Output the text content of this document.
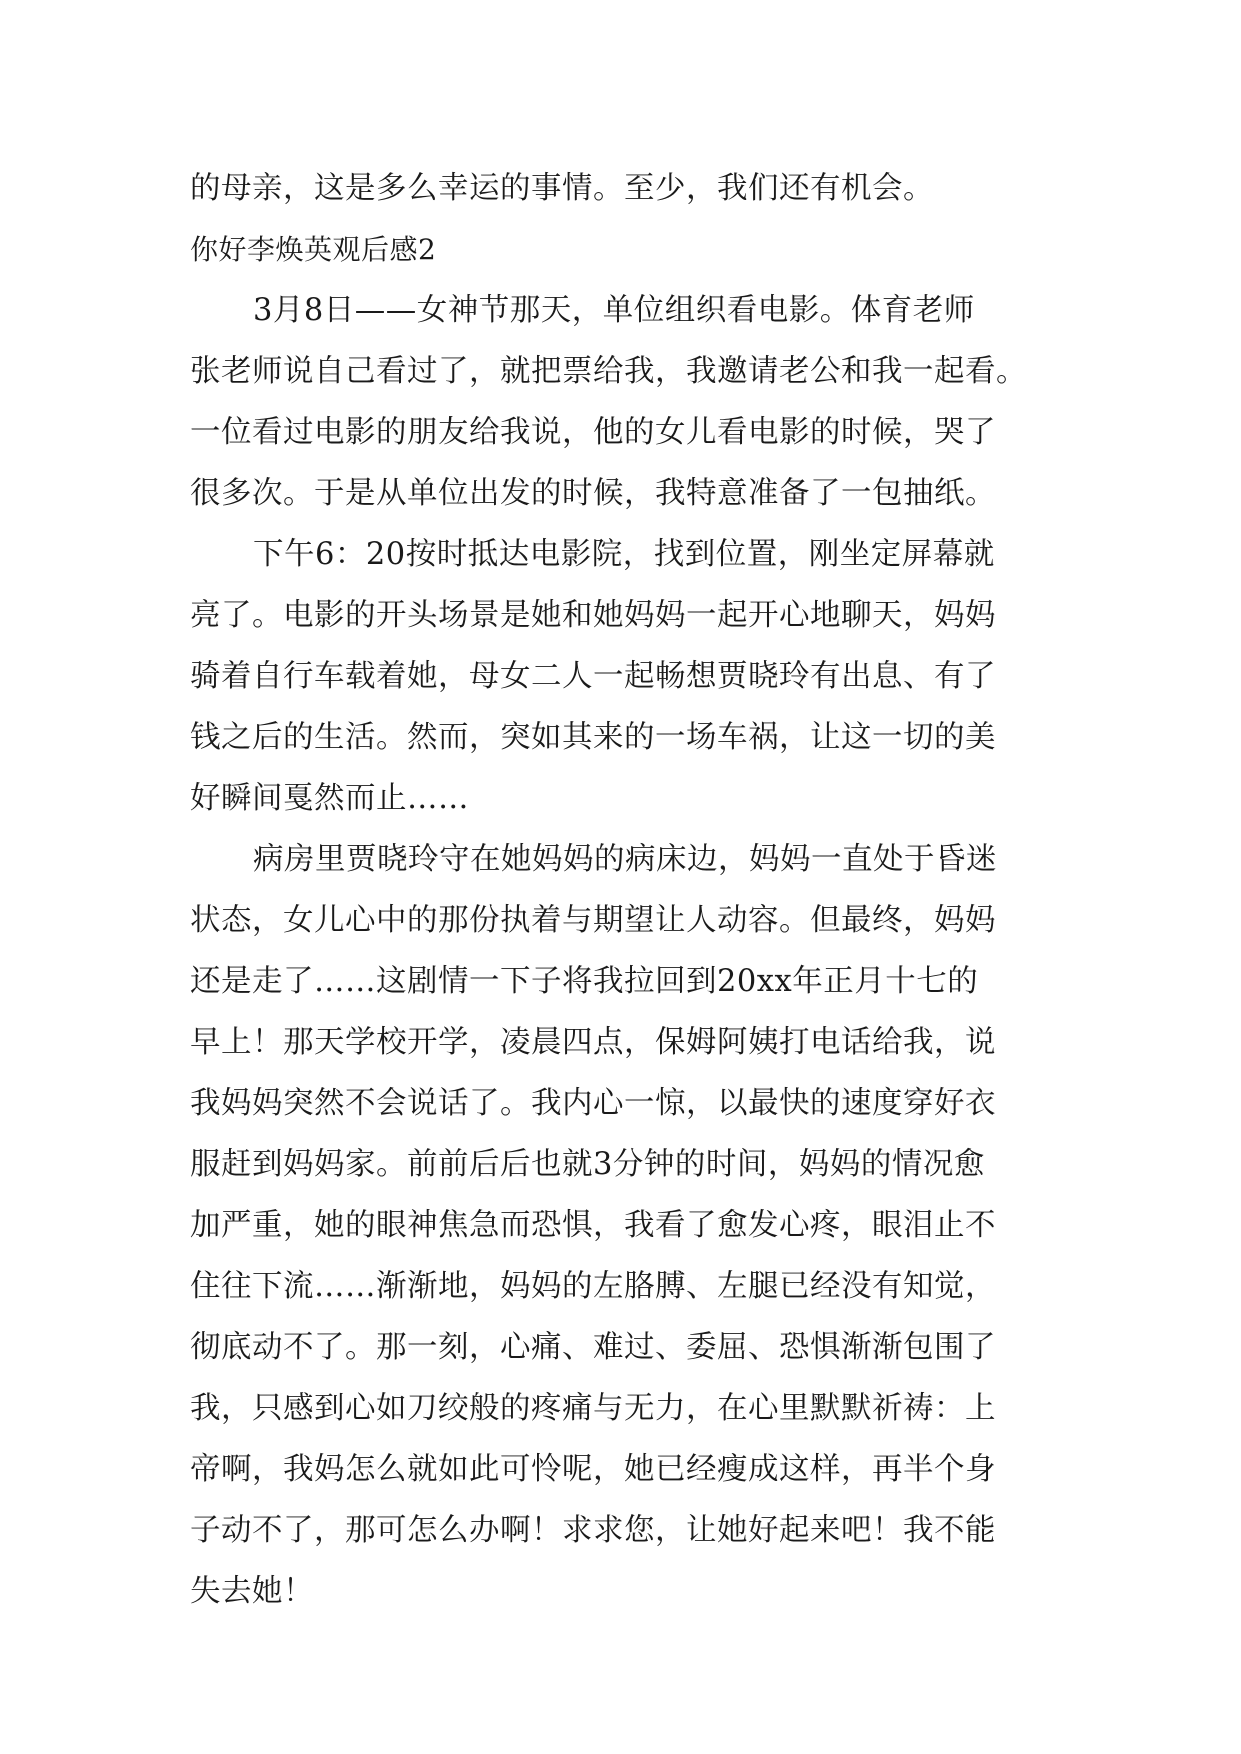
的母亲，这是多么幸运的事情。至少，我们还有机会。
你好李焕英观后感2
3月8日——女神节那天，单位组织看电影。体育老师
张老师说自己看过了，就把票给我，我邀请老公和我一起看。
一位看过电影的朋友给我说，他的女儿看电影的时候，哭了
很多次。于是从单位出发的时候，我特意准备了一包抽纸。
下午6：20按时抵达电影院，找到位置，刚坐定屏幕就
亮了。电影的开头场景是她和她妈妈一起开心地聊天，妈妈
骑着自行车载着她，母女二人一起畅想贾晓玲有出息、有了
钱之后的生活。然而，突如其来的一场车祸，让这一切的美
好瞬间戛然而止……
病房里贾晓玲守在她妈妈的病床边，妈妈一直处于昏迷
状态，女儿心中的那份执着与期望让人动容。但最终，妈妈
还是走了……这剧情一下子将我拉回到20xx年正月十七的
早上！那天学校开学，凌晨四点，保姆阿姨打电话给我，说
我妈妈突然不会说话了。我内心一惊，以最快的速度穿好衣
服赶到妈妈家。前前后后也就3分钟的时间，妈妈的情况愈
加严重，她的眼神焦急而恐惧，我看了愈发心疼，眼泪止不
住往下流……渐渐地，妈妈的左胳膊、左腿已经没有知觉，
彻底动不了。那一刻，心痛、难过、委屈、恐惧渐渐包围了
我，只感到心如刀绞般的疼痛与无力，在心里默默祈祷：上
帝啊，我妈怎么就如此可怜呢，她已经瘦成这样，再半个身
子动不了，那可怎么办啊！求求您，让她好起来吧！我不能
失去她！
